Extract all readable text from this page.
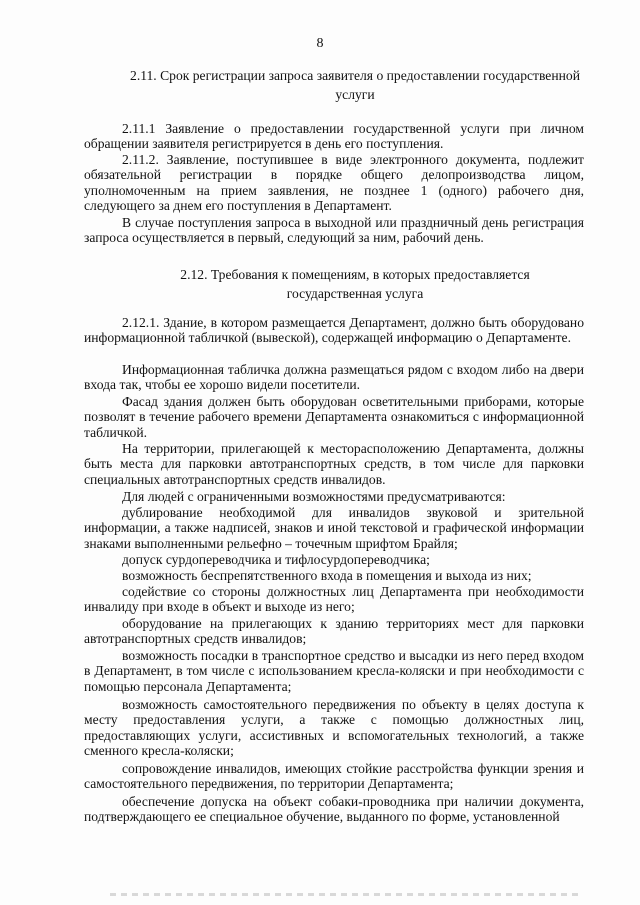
8
2.11. Срок регистрации запроса заявителя о предоставлении государственной
услуги

2.11.1 Заявление о предоставлении государственной услуги при личном обращении заявителя регистрируется в день его поступления.

2.11.2. Заявление, поступившее в виде электронного документа, подлежит обязательной регистрации в порядке общего делопроизводства лицом, уполномоченным на прием заявления, не позднее 1 (одного) рабочего дня, следующего за днем его поступления в Департамент.

В случае поступления запроса в выходной или праздничный день регистрация запроса осуществляется в первый, следующий за ним, рабочий день.

2.12. Требования к помещениям, в которых предоставляется
государственная услуга

2.12.1. Здание, в котором размещается Департамент, должно быть оборудовано информационной табличкой (вывеской), содержащей информацию о Департаменте.

Информационная табличка должна размещаться рядом с входом либо на двери входа так, чтобы ее хорошо видели посетители.

Фасад здания должен быть оборудован осветительными приборами, которые позволят в течение рабочего времени Департамента ознакомиться с информационной табличкой.

На территории, прилегающей к месторасположению Департамента, должны быть места для парковки автотранспортных средств, в том числе для парковки специальных автотранспортных средств инвалидов.

Для людей с ограниченными возможностями предусматриваются:

дублирование необходимой для инвалидов звуковой и зрительной информации, а также надписей, знаков и иной текстовой и графической информации знаками выполненными рельефно – точечным шрифтом Брайля;

допуск сурдопереводчика и тифлосурдопереводчика;

возможность беспрепятственного входа в помещения и выхода из них;

содействие со стороны должностных лиц Департамента при необходимости инвалиду при входе в объект и выходе из него;

оборудование на прилегающих к зданию территориях мест для парковки автотранспортных средств инвалидов;

возможность посадки в транспортное средство и высадки из него перед входом в Департамент, в том числе с использованием кресла-коляски и при необходимости с помощью персонала Департамента;

возможность самостоятельного передвижения по объекту в целях доступа к месту предоставления услуги, а также с помощью должностных лиц, предоставляющих услуги, ассистивных и вспомогательных технологий, а также сменного кресла-коляски;

сопровождение инвалидов, имеющих стойкие расстройства функции зрения и самостоятельного передвижения, по территории Департамента;

обеспечение допуска на объект собаки-проводника при наличии документа, подтверждающего ее специальное обучение, выданного по форме, установленной
